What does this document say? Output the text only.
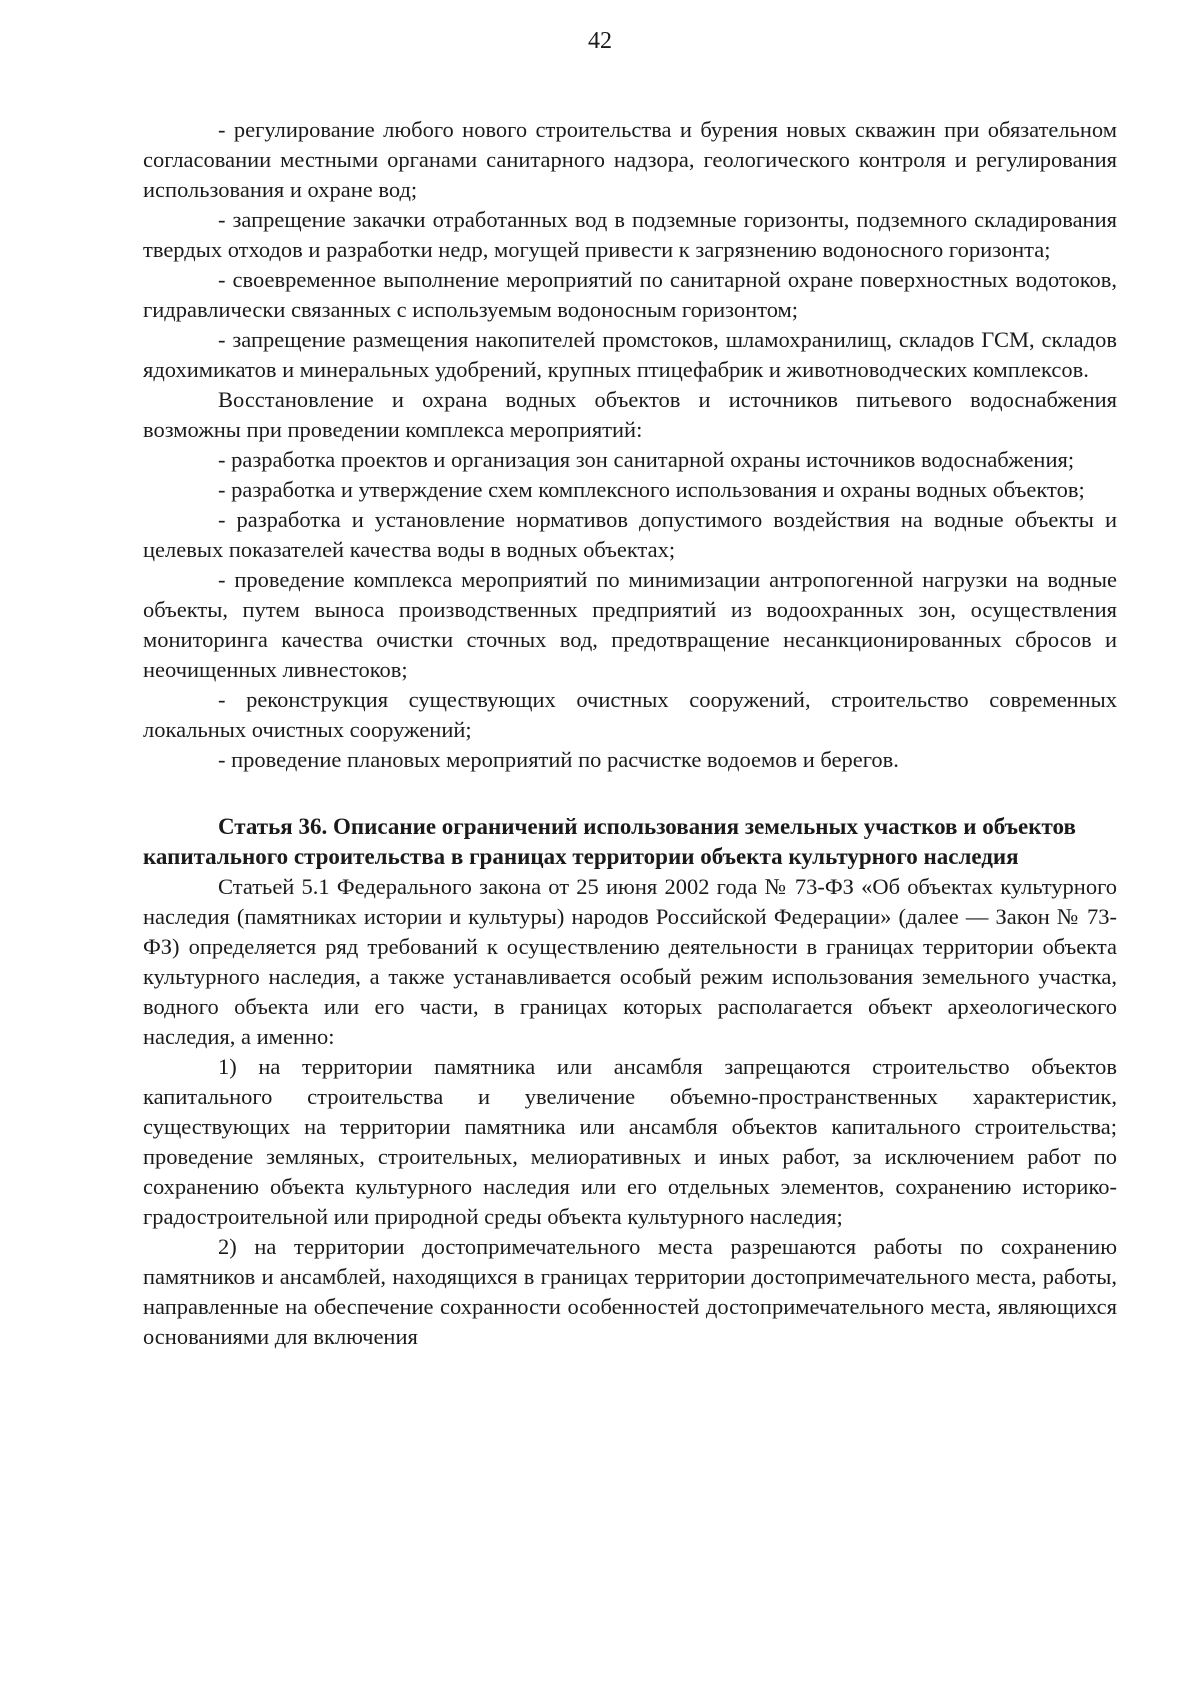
42

- регулирование любого нового строительства и бурения новых скважин при обязательном согласовании местными органами санитарного надзора, геологического контроля и регулирования использования и охране вод;

- запрещение закачки отработанных вод в подземные горизонты, подземного складирования твердых отходов и разработки недр, могущей привести к загрязнению водоносного горизонта;

- своевременное выполнение мероприятий по санитарной охране поверхностных водотоков, гидравлически связанных с используемым водоносным горизонтом;

- запрещение размещения накопителей промстоков, шламохранилищ, складов ГСМ, складов ядохимикатов и минеральных удобрений, крупных птицефабрик и животноводческих комплексов.

Восстановление и охрана водных объектов и источников питьевого водоснабжения возможны при проведении комплекса мероприятий:

- разработка проектов и организация зон санитарной охраны источников водоснабжения;

- разработка и утверждение схем комплексного использования и охраны водных объектов;

- разработка и установление нормативов допустимого воздействия на водные объекты и целевых показателей качества воды в водных объектах;

- проведение комплекса мероприятий по минимизации антропогенной нагрузки на водные объекты, путем выноса производственных предприятий из водоохранных зон, осуществления мониторинга качества очистки сточных вод, предотвращение несанкционированных сбросов и неочищенных ливнестоков;

- реконструкция существующих очистных сооружений, строительство современных локальных очистных сооружений;

- проведение плановых мероприятий по расчистке водоемов и берегов.

Статья 36. Описание ограничений использования земельных участков и объектов капитального строительства в границах территории объекта культурного наследия

Статьей 5.1 Федерального закона от 25 июня 2002 года № 73-ФЗ «Об объектах культурного наследия (памятниках истории и культуры) народов Российской Федерации» (далее — Закон № 73-ФЗ) определяется ряд требований к осуществлению деятельности в границах территории объекта культурного наследия, а также устанавливается особый режим использования земельного участка, водного объекта или его части, в границах которых располагается объект археологического наследия, а именно:

1) на территории памятника или ансамбля запрещаются строительство объектов капитального строительства и увеличение объемно-пространственных характеристик, существующих на территории памятника или ансамбля объектов капитального строительства; проведение земляных, строительных, мелиоративных и иных работ, за исключением работ по сохранению объекта культурного наследия или его отдельных элементов, сохранению историко-градостроительной или природной среды объекта культурного наследия;

2) на территории достопримечательного места разрешаются работы по сохранению памятников и ансамблей, находящихся в границах территории достопримечательного места, работы, направленные на обеспечение сохранности особенностей достопримечательного места, являющихся основаниями для включения
